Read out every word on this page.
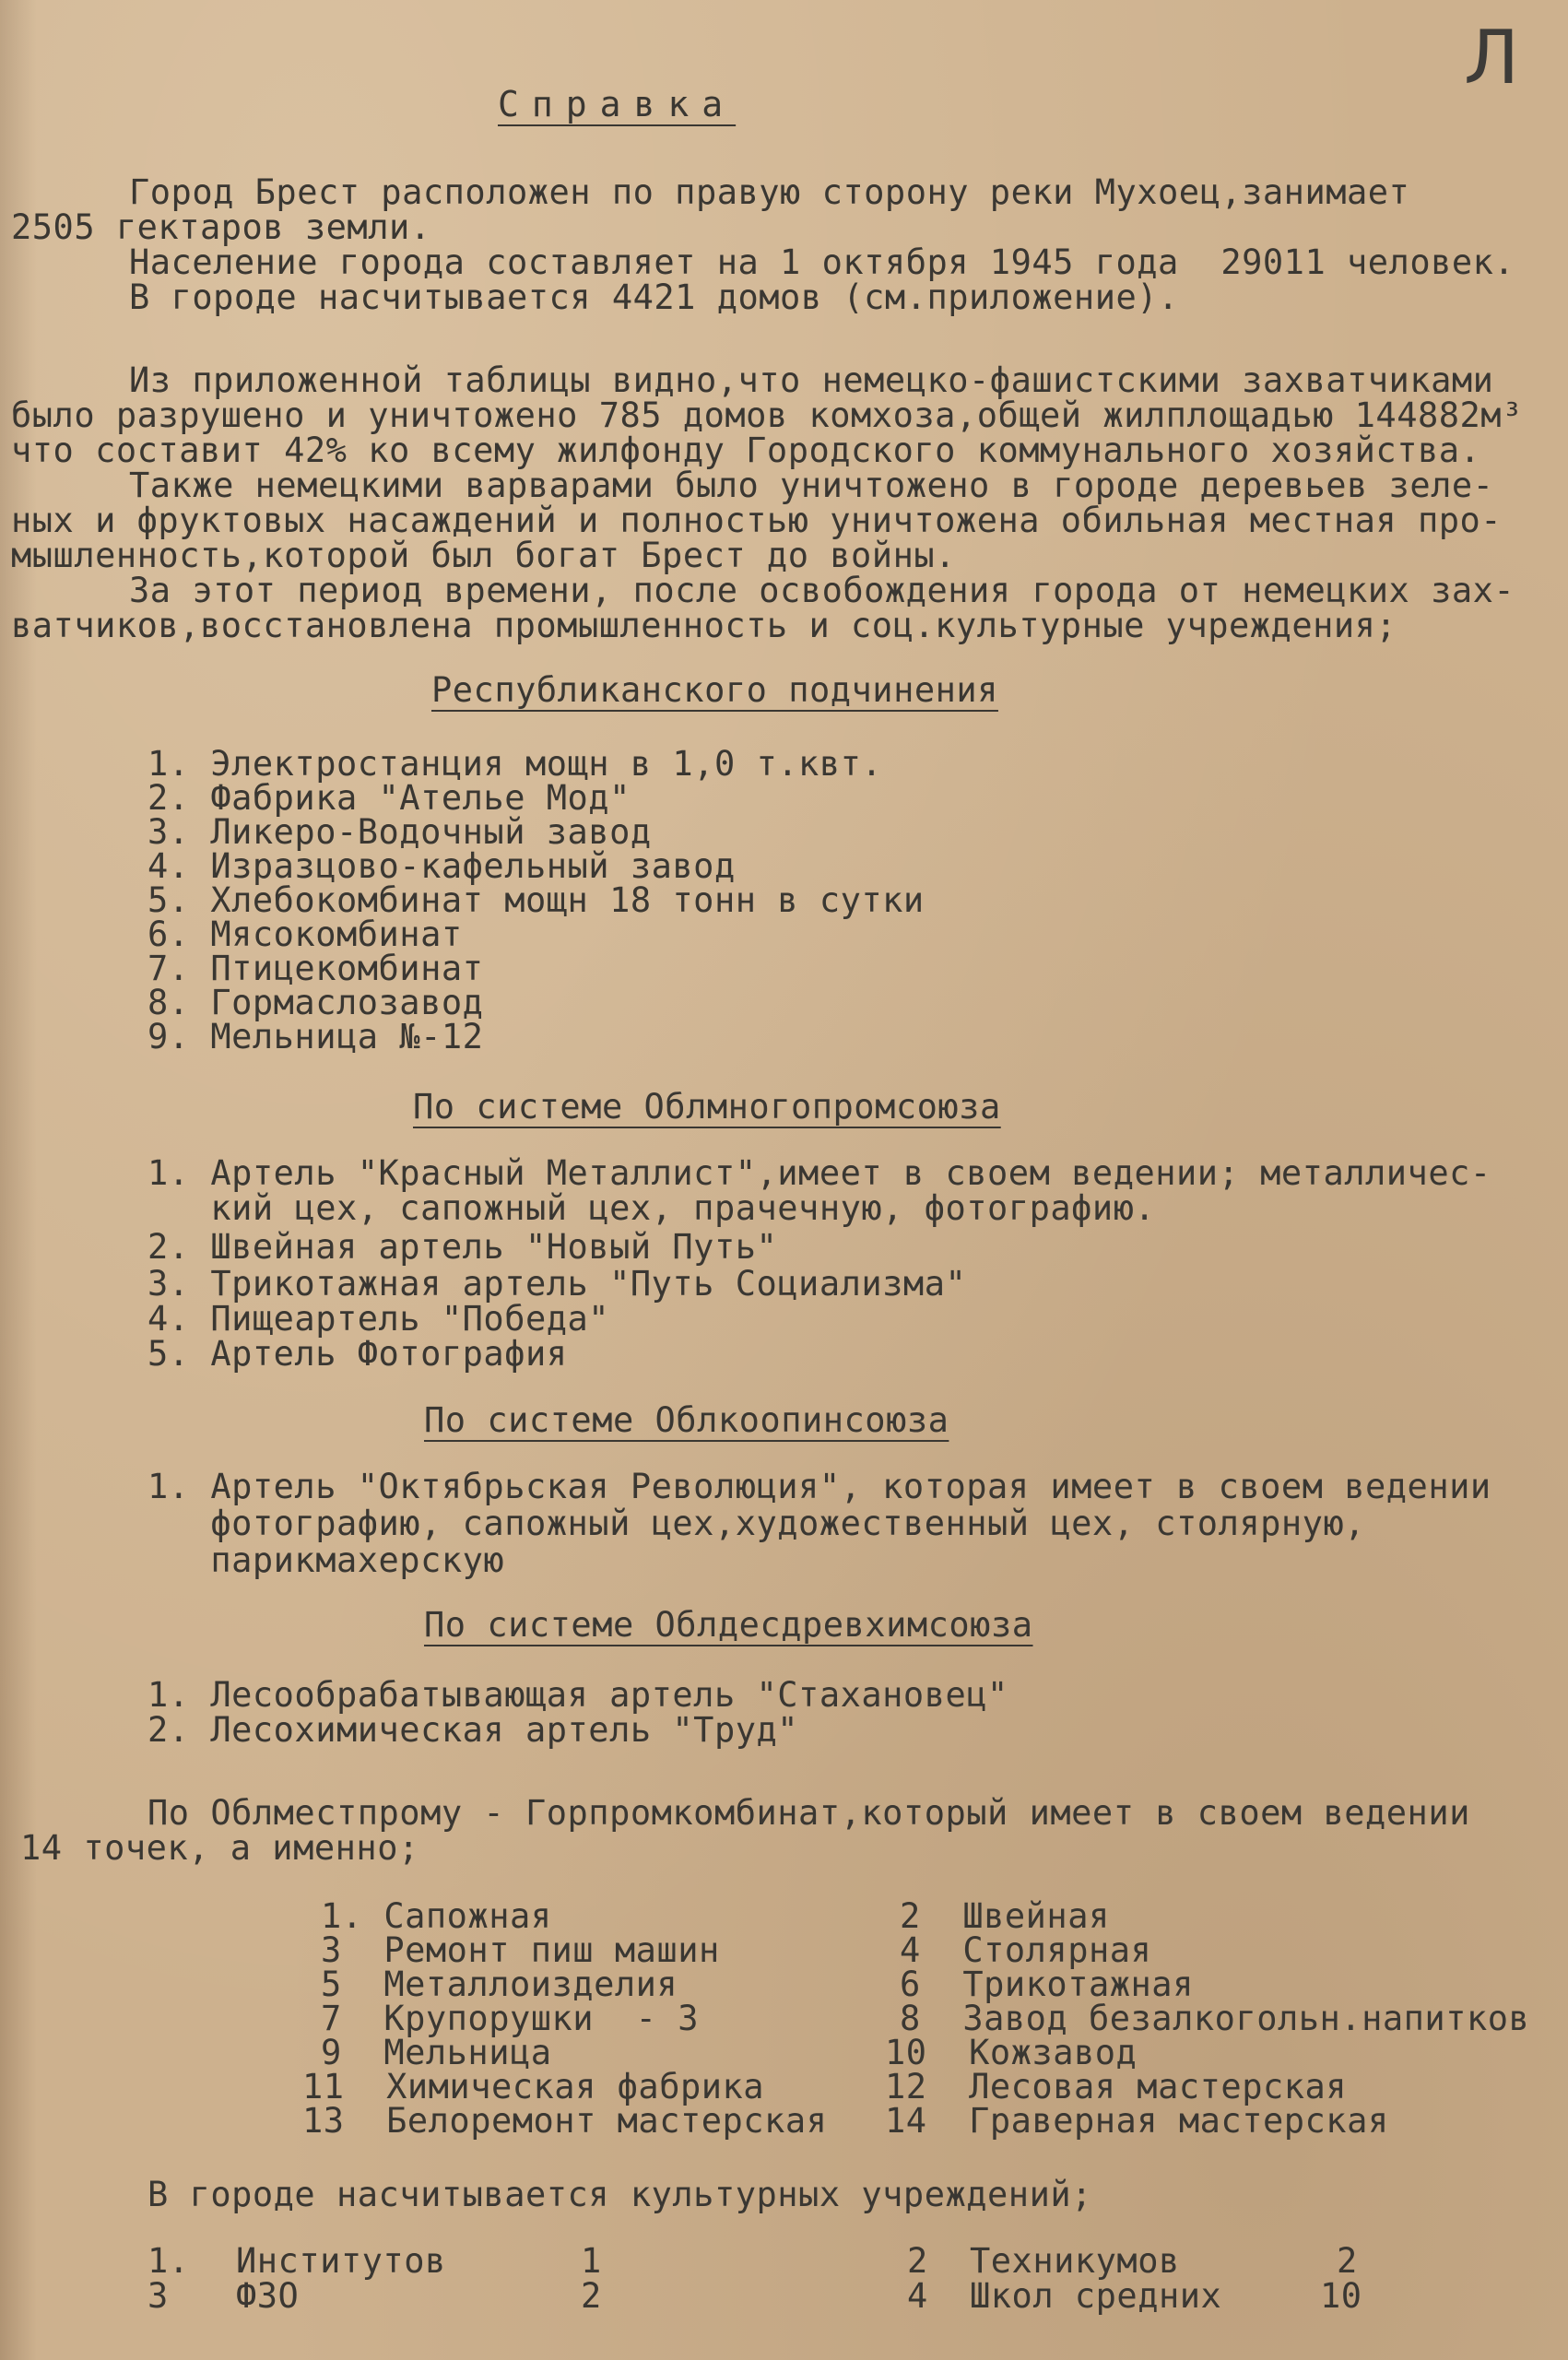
Л
Справка
Город Брест расположен по правую сторону реки Мухоец,занимает
2505 гектаров земли.
Население города составляет на 1 октября 1945 года  29011 человек.
В городе насчитывается 4421 домов (см.приложение).
Из приложенной таблицы видно,что немецко-фашистскими захватчиками
было разрушено и уничтожено 785 домов комхоза,общей жилплощадью 144882м³
что составит 42% ко всему жилфонду Городского коммунального хозяйства.
Также немецкими варварами было уничтожено в городе деревьев зеле-
ных и фруктовых насаждений и полностью уничтожена обильная местная про-
мышленность,которой был богат Брест до войны.
За этот период времени, после освобождения города от немецких зах-
ватчиков,восстановлена промышленность и соц.культурные учреждения;
Республиканского подчинения
1. Электростанция мощн в 1,0 т.квт.
2. Фабрика "Ателье Мод"
3. Ликеро-Водочный завод
4. Изразцово-кафельный завод
5. Хлебокомбинат мощн 18 тонн в сутки
6. Мясокомбинат
7. Птицекомбинат
8. Гормаслозавод
9. Мельница №-12
По системе Облмногопромсоюза
1. Артель "Красный Металлист",имеет в своем ведении; металличес-
кий цех, сапожный цех, прачечную, фотографию.
2. Швейная артель "Новый Путь"
3. Трикотажная артель "Путь Социализма"
4. Пищеартель "Победа"
5. Артель Фотография
По системе Облкоопинсоюза
1. Артель "Октябрьская Революция", которая имеет в своем ведении
фотографию, сапожный цех,художественный цех, столярную,
парикмахерскую
По системе Облдесдревхимсоюза
1. Лесообрабатывающая артель "Стахановец"
2. Лесохимическая артель "Труд"
По Облместпрому - Горпромкомбинат,который имеет в своем ведении
14 точек, а именно;
1. Сапожная	2  Швейная
3  Ремонт пиш машин	4  Столярная
5  Металлоизделия	6  Трикотажная
7  Крупорушки  - 3	8  Завод безалкогольн.напитков
9  Мельница	10  Кожзавод
11  Химическая фабрика	12  Лесовая мастерская
13  Белоремонт мастерская 14  Граверная мастерская
В городе насчитывается культурных учреждений;
1. Институтов	1	2 Техникумов	2
3 ФЗО	2	4 Школ средних	10
